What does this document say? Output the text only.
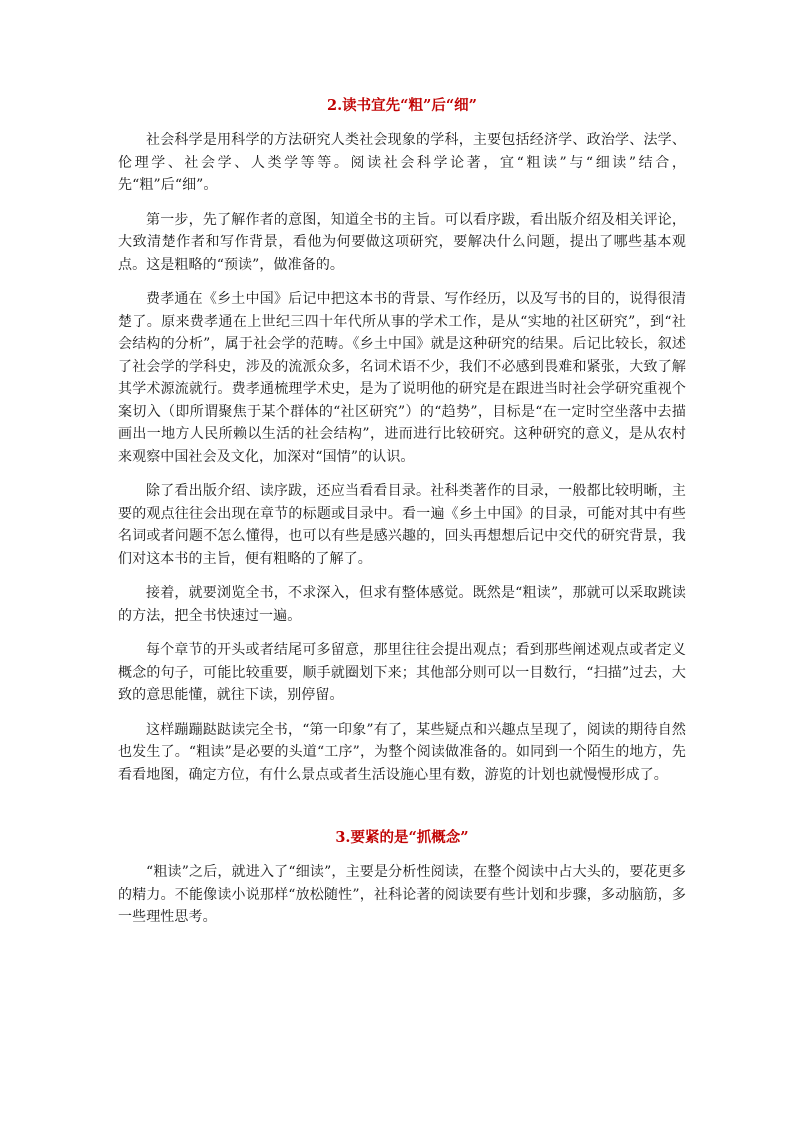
2.读书宜先“粗”后“细”

社会科学是用科学的方法研究人类社会现象的学科，主要包括经济学、政治学、法学、伦理学、社会学、人类学等等。阅读社会科学论著，宜“粗读”与“细读”结合，先“粗”后“细”。

第一步，先了解作者的意图，知道全书的主旨。可以看序跋，看出版介绍及相关评论，大致清楚作者和写作背景，看他为何要做这项研究，要解决什么问题，提出了哪些基本观点。这是粗略的“预读”，做准备的。

费孝通在《乡土中国》后记中把这本书的背景、写作经历，以及写书的目的，说得很清楚了。原来费孝通在上世纪三四十年代所从事的学术工作，是从“实地的社区研究”，到“社会结构的分析”，属于社会学的范畴。《乡土中国》就是这种研究的结果。后记比较长，叙述了社会学的学科史，涉及的流派众多，名词术语不少，我们不必感到畏难和紧张，大致了解其学术源流就行。费孝通梳理学术史，是为了说明他的研究是在跟进当时社会学研究重视个案切入（即所谓聚焦于某个群体的“社区研究”）的“趋势”，目标是“在一定时空坐落中去描画出一地方人民所赖以生活的社会结构”，进而进行比较研究。这种研究的意义，是从农村来观察中国社会及文化，加深对“国情”的认识。

除了看出版介绍、读序跋，还应当看看目录。社科类著作的目录，一般都比较明晰，主要的观点往往会出现在章节的标题或目录中。看一遍《乡土中国》的目录，可能对其中有些名词或者问题不怎么懂得，也可以有些是感兴趣的，回头再想想后记中交代的研究背景，我们对这本书的主旨，便有粗略的了解了。

接着，就要浏览全书，不求深入，但求有整体感觉。既然是“粗读”，那就可以采取跳读的方法，把全书快速过一遍。

每个章节的开头或者结尾可多留意，那里往往会提出观点；看到那些阐述观点或者定义概念的句子，可能比较重要，顺手就圈划下来；其他部分则可以一目数行，“扫描”过去，大致的意思能懂，就往下读，别停留。

这样蹦蹦跶跶读完全书，“第一印象”有了，某些疑点和兴趣点呈现了，阅读的期待自然也发生了。“粗读”是必要的头道“工序”，为整个阅读做准备的。如同到一个陌生的地方，先看看地图，确定方位，有什么景点或者生活设施心里有数，游览的计划也就慢慢形成了。

3.要紧的是“抓概念”

“粗读”之后，就进入了“细读”，主要是分析性阅读，在整个阅读中占大头的，要花更多的精力。不能像读小说那样“放松随性”，社科论著的阅读要有些计划和步骤，多动脑筋，多一些理性思考。
